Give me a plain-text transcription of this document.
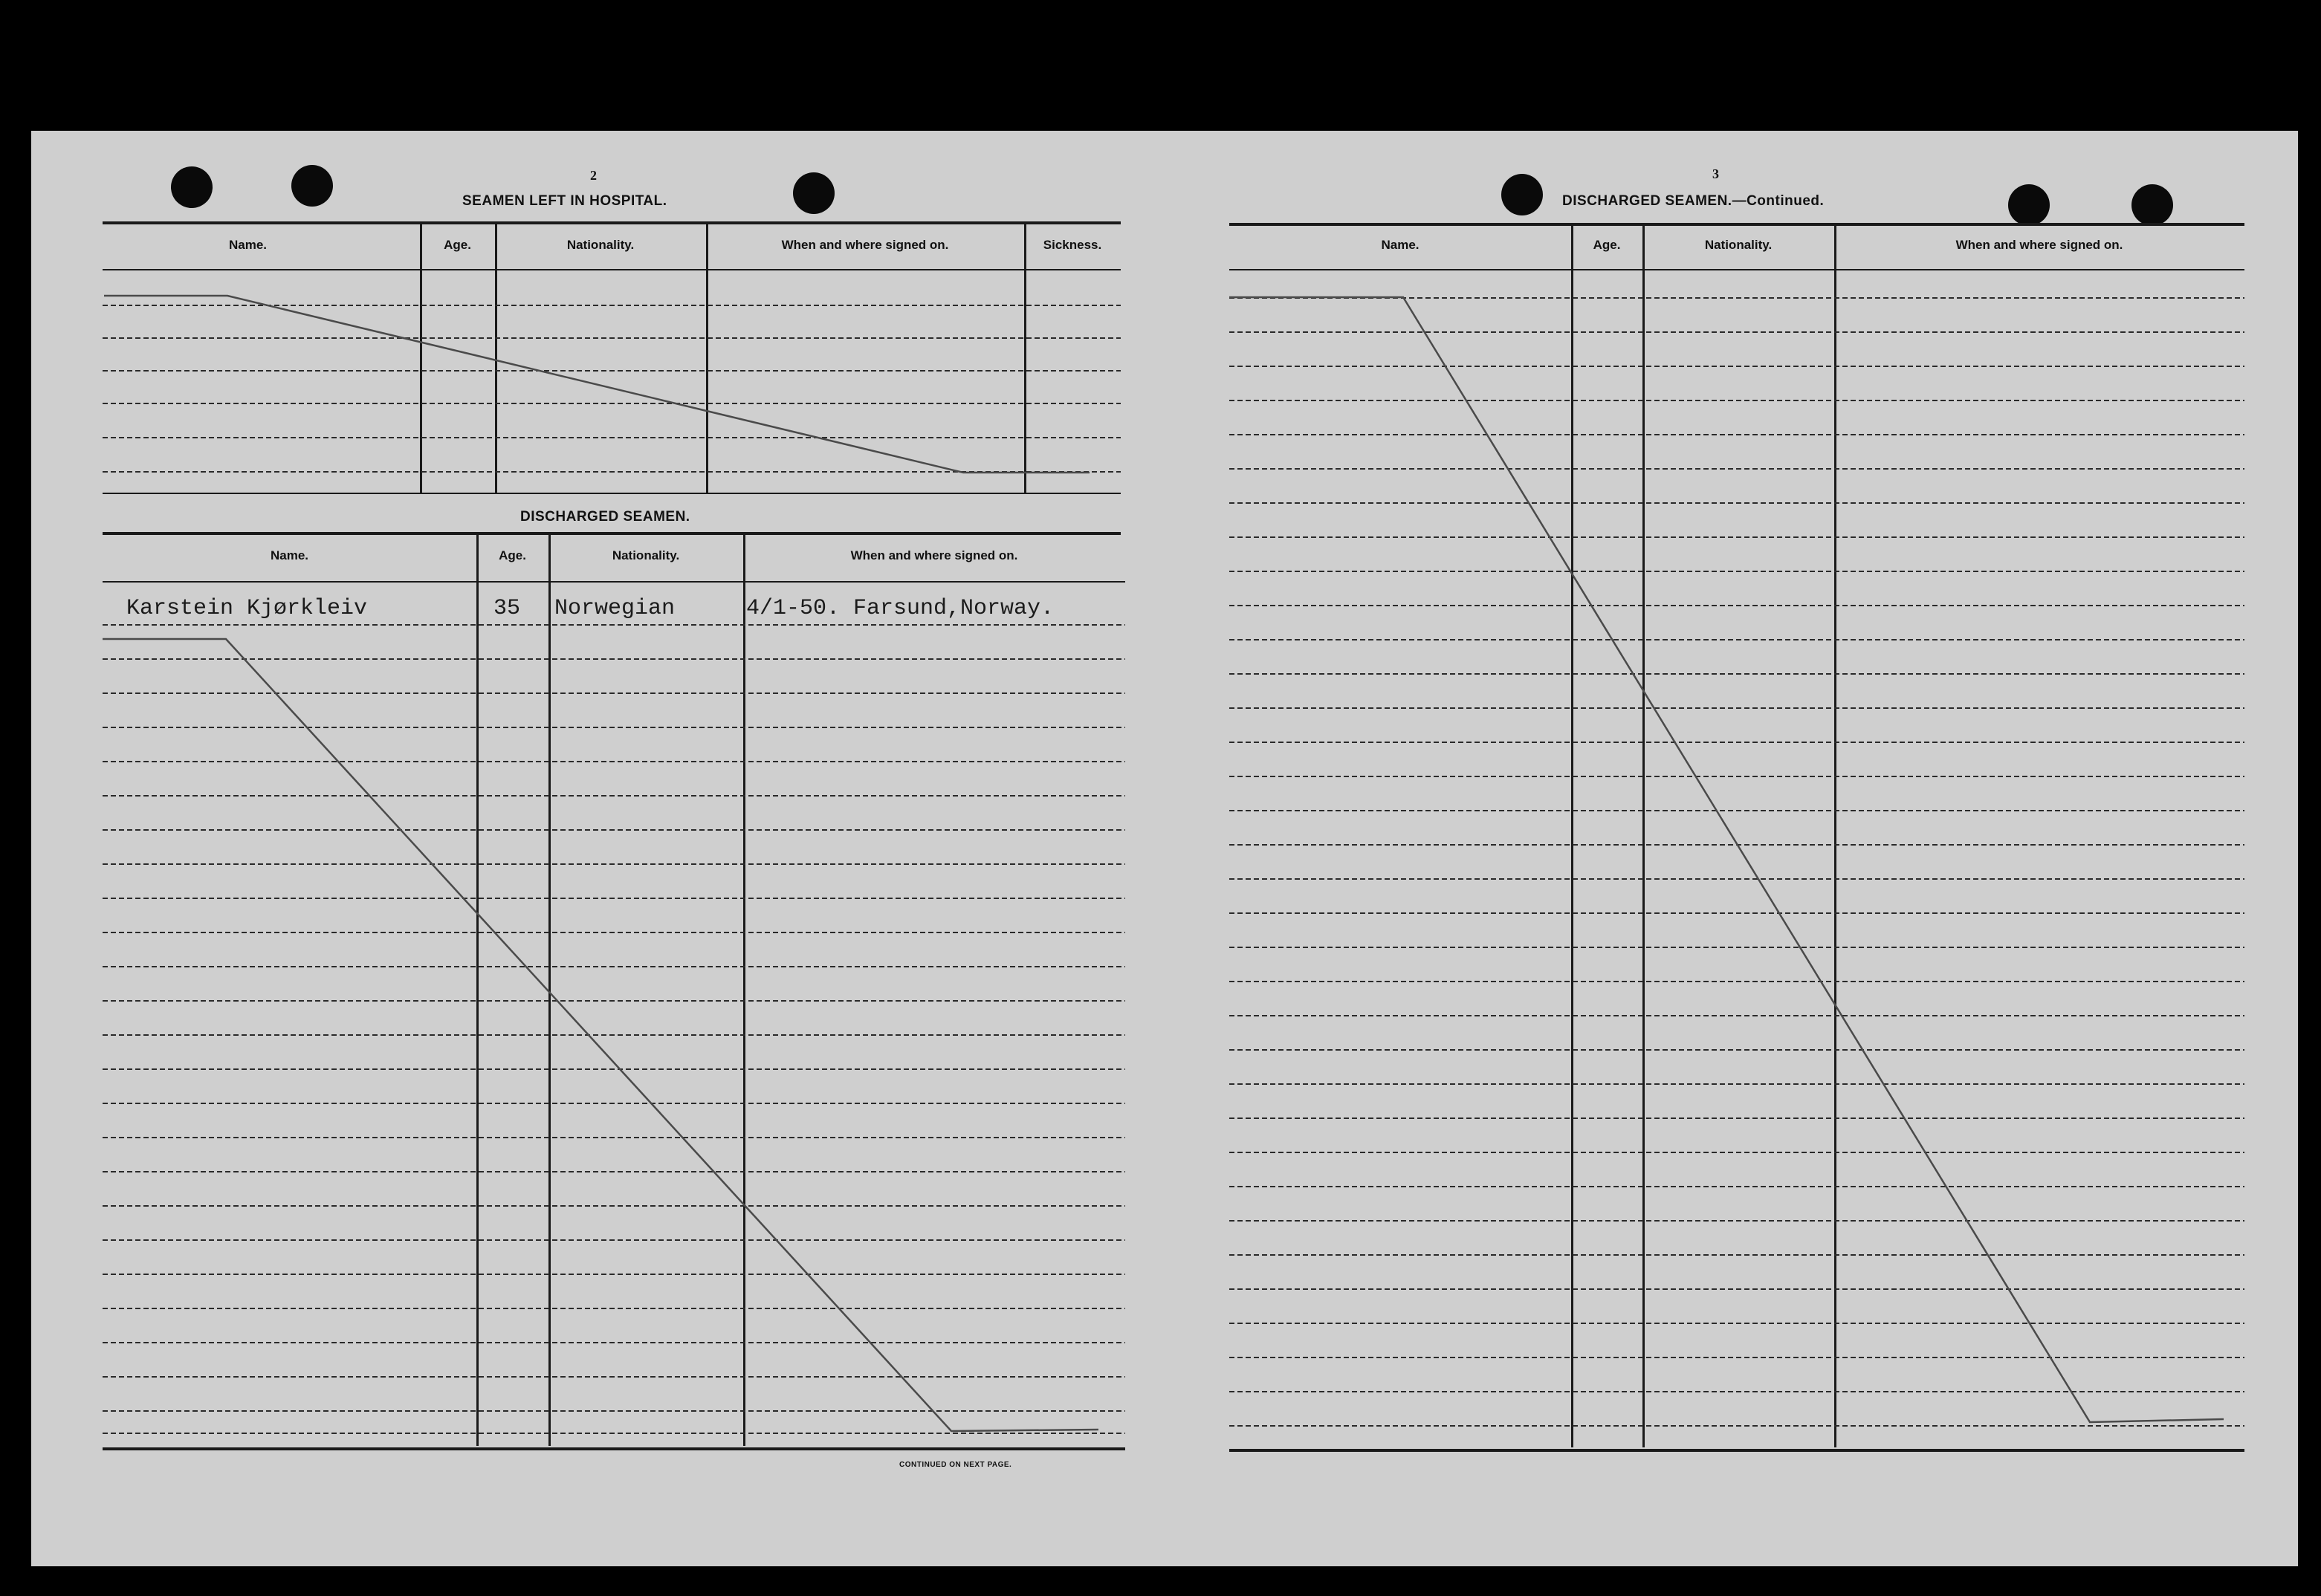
2
SEAMEN LEFT IN HOSPITAL.
Name.	Age.	Nationality.	When and where signed on.	Sickness.
DISCHARGED SEAMEN.
Name.	Age.	Nationality.	When and where signed on.
Karstein Kjørkleiv	35 Norwegian	4/1-50. Farsund,Norway.
CONTINUED ON NEXT PAGE.
3
DISCHARGED SEAMEN.—Continued.
Name.	Age.	Nationality.	When and where signed on.
